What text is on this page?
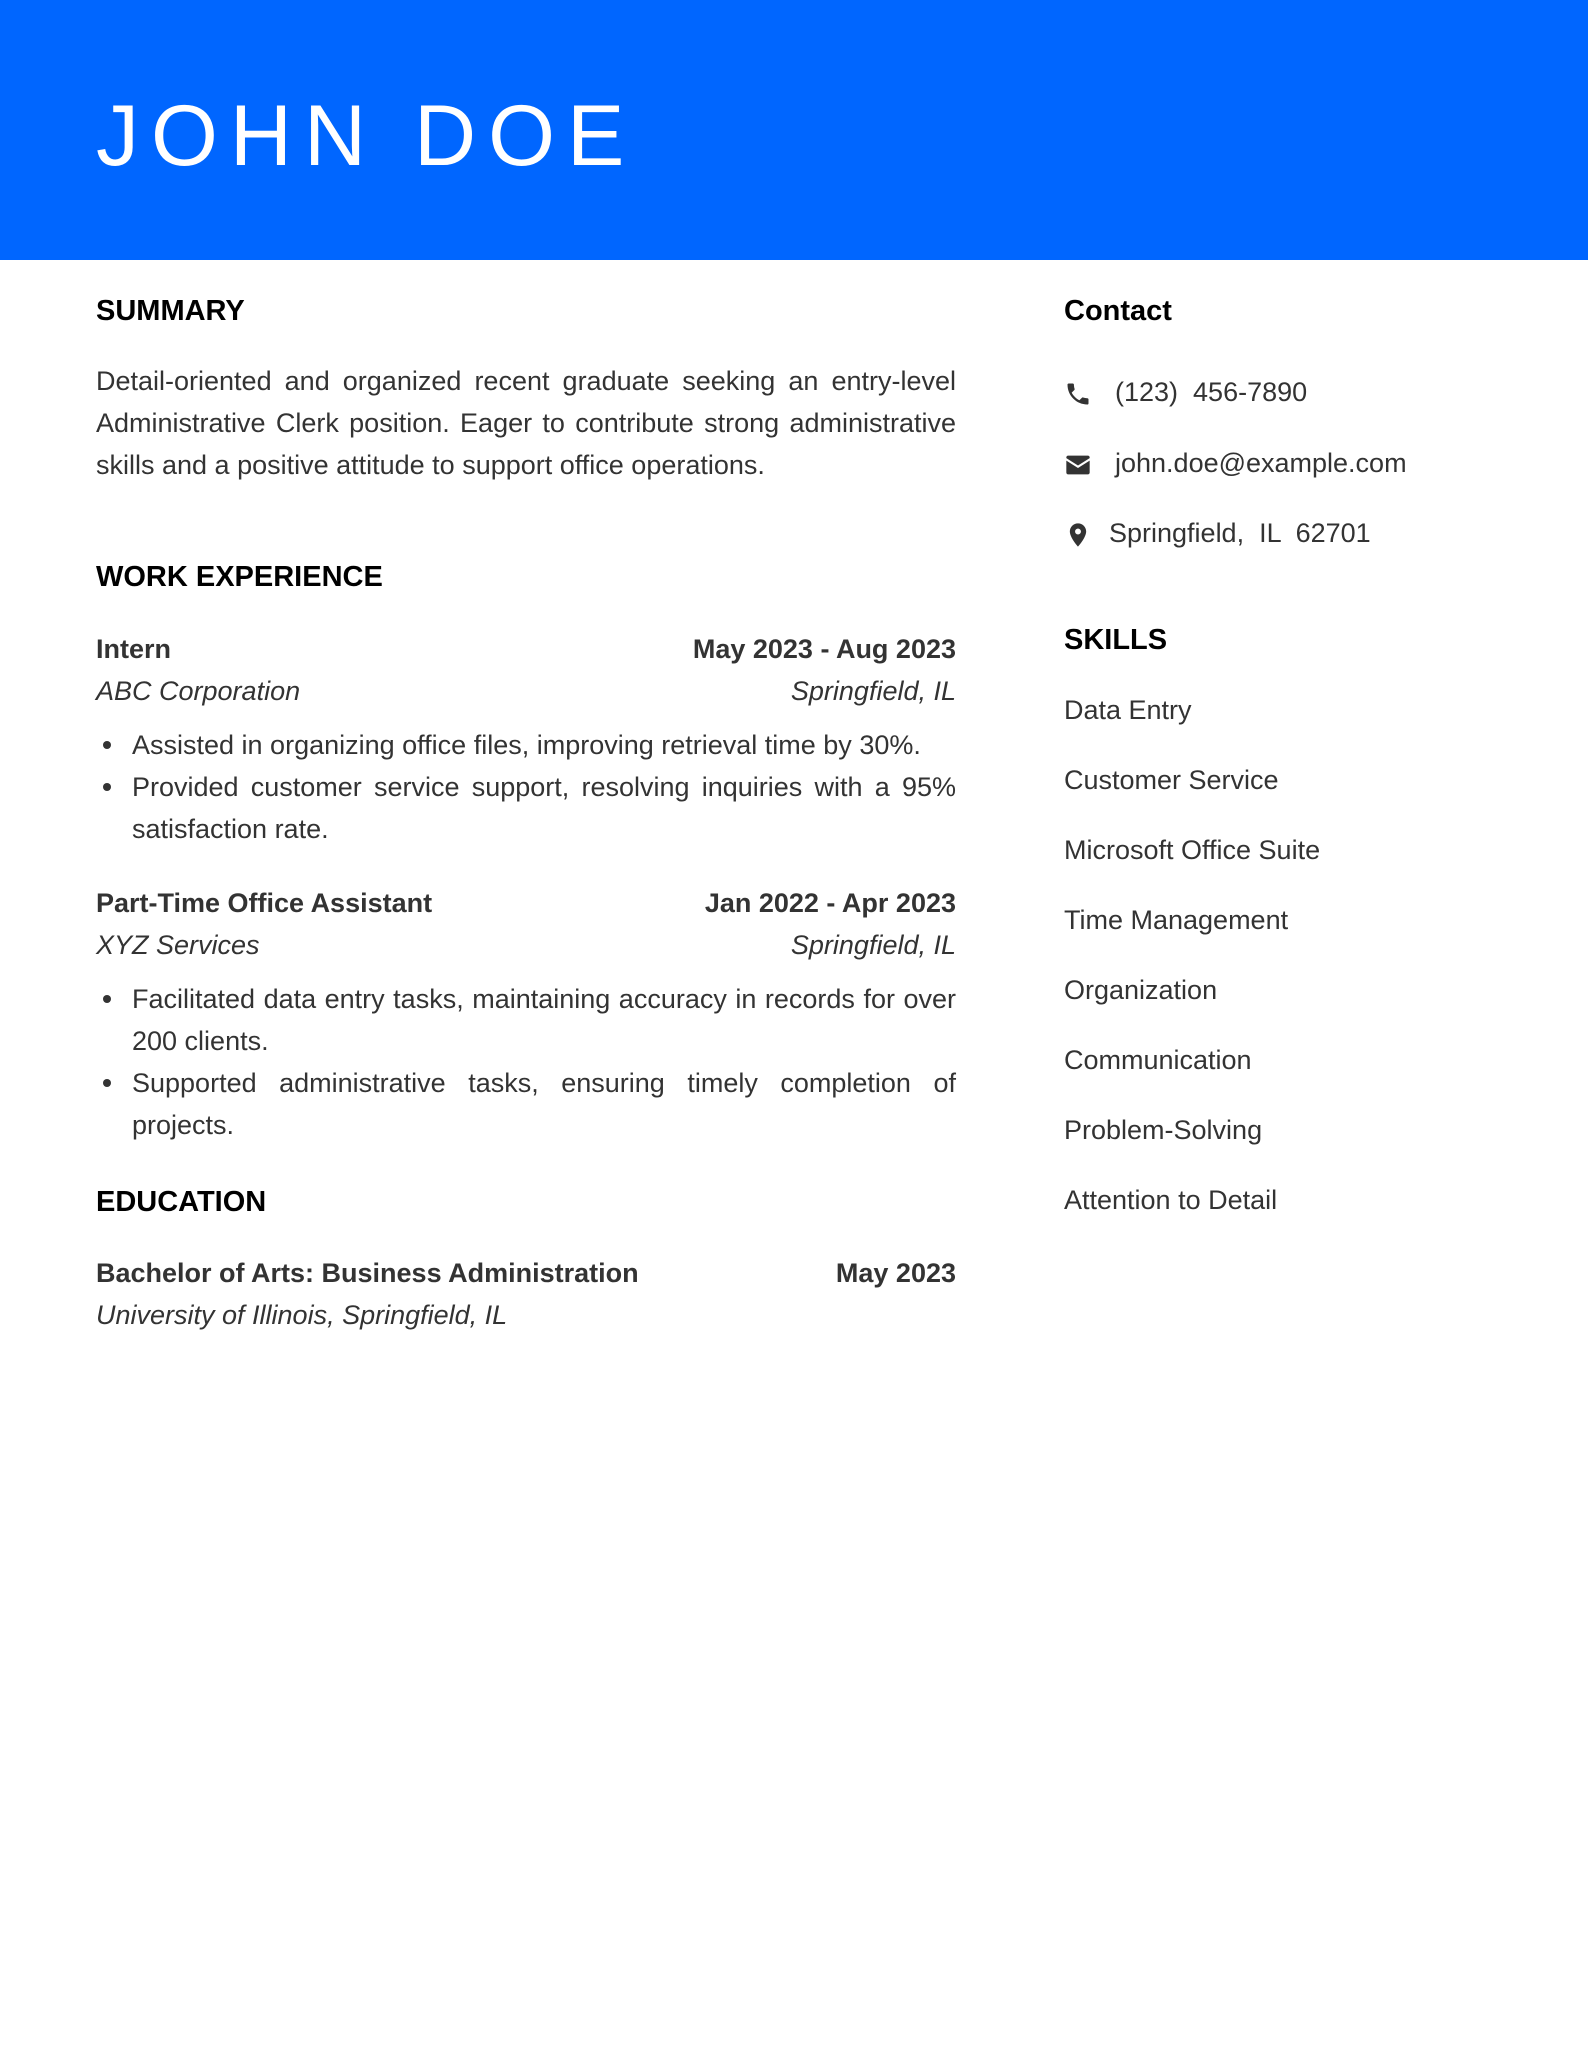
JOHN DOE
SUMMARY
Detail-oriented and organized recent graduate seeking an entry-level Administrative Clerk position. Eager to contribute strong administrative skills and a positive attitude to support office operations.
WORK EXPERIENCE
Intern	May 2023 - Aug 2023
ABC Corporation	Springfield, IL
Assisted in organizing office files, improving retrieval time by 30%.
Provided customer service support, resolving inquiries with a 95% satisfaction rate.
Part-Time Office Assistant	Jan 2022 - Apr 2023
XYZ Services	Springfield, IL
Facilitated data entry tasks, maintaining accuracy in records for over 200 clients.
Supported administrative tasks, ensuring timely completion of projects.
EDUCATION
Bachelor of Arts: Business Administration	May 2023
University of Illinois, Springfield, IL
Contact
(123)  456-7890
john.doe@example.com
Springfield,  IL  62701
SKILLS
Data Entry
Customer Service
Microsoft Office Suite
Time Management
Organization
Communication
Problem-Solving
Attention to Detail
